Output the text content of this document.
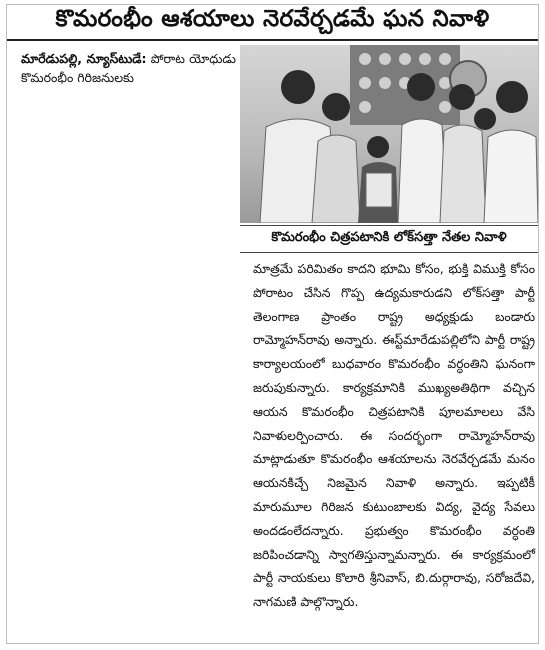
కొమరంభీం ఆశయాలు నెరవేర్చడమే ఘన నివాళి
మారేడుపల్లి, న్యూస్‌టుడే: పోరాట యోధుడు కొమరంభీం గిరిజనులకు
కొమరంభీం చిత్రపటానికి లోక్‌సత్తా నేతల నివాళి

మాత్రమే పరిమితం కాదని భూమి కోసం, భుక్తి విముక్తి కోసం పోరాటం చేసిన గొప్ప ఉద్యమకారుడని లోక్‌సత్తా పార్టీ తెలంగాణ ప్రాంతం రాష్ట్ర అధ్యక్షుడు బండారు రామ్మోహన్‌రావు అన్నారు. ఈస్ట్‌మారేడుపల్లిలోని పార్టీ రాష్ట్ర కార్యాలయంలో బుధవారం కొమరంభీం వర్ధంతిని ఘనంగా జరుపుకున్నారు. కార్యక్రమానికి ముఖ్యఅతిథిగా వచ్చిన ఆయన కొమరంభీం చిత్రపటానికి పూలమాలలు వేసి నివాళులర్పించారు. ఈ సందర్భంగా రామ్మోహన్‌రావు మాట్లాడుతూ కొమరంభీం ఆశయాలను నెరవేర్చడమే మనం ఆయనకిచ్చే నిజమైన నివాళి అన్నారు. ఇప్పటికీ మారుమూల గిరిజన కుటుంబాలకు విద్య, వైద్య సేవలు అందడంలేదన్నారు. ప్రభుత్వం కొమరంభీం వర్ధంతి జరిపించడాన్ని స్వాగతిస్తున్నామన్నారు. ఈ కార్యక్రమంలో పార్టీ నాయకులు కొలారి శ్రీనివాస్, బి.దుర్గారావు, సరోజదేవి, నాగమణి పాల్గొన్నారు.
